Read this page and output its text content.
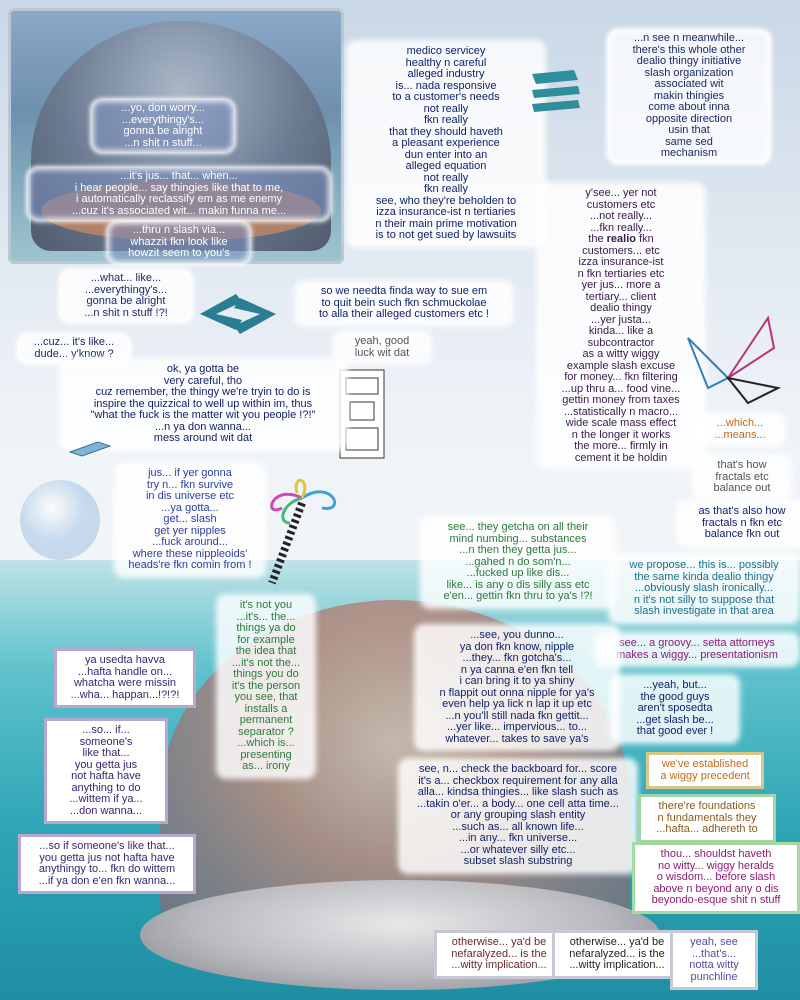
...yo, don worry...
...everythingy's...
gonna be alright
...n shit n stuff...
...it's jus... that... when...
i hear people... say thingies like that to me,
i automatically reclassify em as me enemy
...cuz it's associated wit... makin funna me...
...thru n slash via...
whazzit fkn look like
howzit seem to you's
...what... like...
...everythingy's...
gonna be alright
...n shit n stuff !?!
...cuz... it's like...
dude... y'know ?
...n see n meanwhile...
there's this whole other
dealio thingy initiative
slash organization
associated wit
makin thingies
come about inna
opposite direction
usin that
same sed
mechanism
medico servicey
healthy n careful
alleged industry
is... nada responsive
to a customer's needs
not really
fkn really
that they should haveth
a pleasant experience
dun enter into an
alleged equation
not really
fkn really
see, who they're beholden to
izza insurance-ist n tertiaries
n their main prime motivation
is to not get sued by lawsuits
so we needta finda way to sue em
to quit bein such fkn schmuckolae
to alla their alleged customers etc !
yeah, good
luck wit dat
ok, ya gotta be
very careful, tho
cuz remember, the thingy we're tryin to do is
inspire the quizzical to well up within im, thus
"what the fuck is the matter wit you people !?!"
...n ya don wanna...
mess around wit dat
jus... if yer gonna
try n... fkn survive
in dis universe etc
...ya gotta...
get... slash
get yer nipples
...fuck around...
where these nippleoids'
heads're fkn comin from !
y'see... yer not
customers etc
...not really...
...fkn really...
the realio fkn
customers... etc
izza insurance-ist
n fkn tertiaries etc
yer jus... more a
tertiary... client
dealio thingy
...yer justa...
kinda... like a
subcontractor
as a witty wiggy
example slash excuse
for money... fkn filtering
...up thru a... food vine...
gettin money from taxes
...statistically n macro...
wide scale mass effect
n the longer it works
the more... firmly in
cement it be holdin
...which...
...means...
that's how
fractals etc
balance out
as that's also how
fractals n fkn etc
balance fkn out
see... they getcha on all their
mind numbing... substances
...n then they getta jus...
...gahed n do som'n...
...fucked up like dis...
like... is any o dis silly ass etc
e'en... gettin fkn thru to ya's !?!
we propose... this is... possibly
the same kinda dealio thingy
...obviously slash ironically...
n it's not silly to suppose that
slash investigate in that area
see... a groovy... setta attorneys
makes a wiggy... presentationism
it's not you
...it's... the...
things ya do
for example
the idea that
...it's not the...
things you do
it's the person
you see, that
installs a
permanent
separator ?
...which is...
presenting
as... irony
...see, you dunno...
ya don fkn know, nipple
...they... fkn gotcha's...
n ya canna e'en fkn tell
i can bring it to ya shiny
n flappit out onna nipple for ya's
even help ya lick n lap it up etc
...n you'll still nada fkn gettit...
...yer like... impervious... to...
whatever... takes to save ya's
see, n... check the backboard for... score
it's a... checkbox requirement for any alla
alla... kindsa thingies... like slash such as
...takin o'er... a body... one cell atta time...
or any grouping slash entity
...such as... all known life...
...in any... fkn universe...
...or whatever silly etc...
subset slash substring
...yeah, but...
the good guys
aren't sposedta
...get slash be...
that good ever !
we've established
a wiggy precedent
there're foundations
n fundamentals they
...hafta... adhereth to
thou... shouldst haveth
no witty... wiggy heralds
o wisdom... before slash
above n beyond any o dis
beyondo-esque shit n stuff
otherwise... ya'd be
nefaralyzed... is the
...witty implication...
otherwise... ya'd be
nefaralyzed... is the
...witty implication...
yeah, see
...that's...
notta witty
punchline
ya usedta havva
...hafta handle on...
whatcha were missin
...wha... happan...!?!?!
...so... if...
someone's
like that...
you getta jus
not hafta have
anything to do
...wittem if ya...
...don wanna...
...so if someone's like that...
you getta jus not hafta have
anythingy to... fkn do wittem
...if ya don e'en fkn wanna...
